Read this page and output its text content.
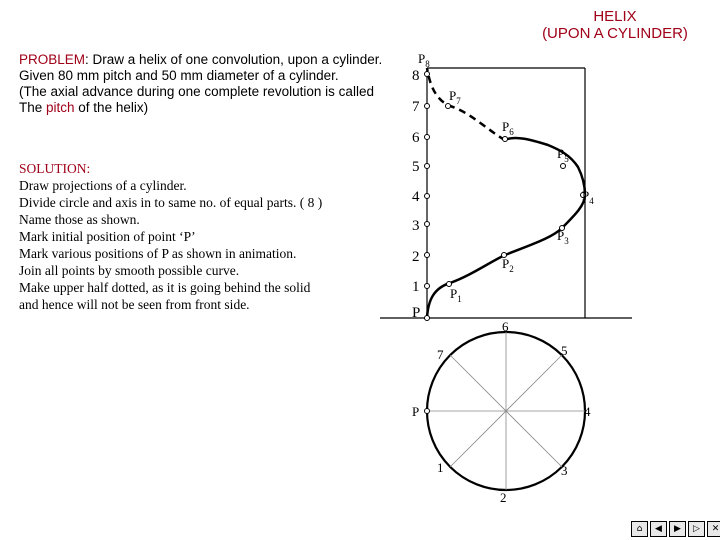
HELIX
(UPON A CYLINDER)
PROBLEM: Draw a helix of one convolution, upon a cylinder.
Given 80 mm pitch and 50 mm diameter of a cylinder.
(The axial advance during one complete revolution is called
The pitch of the helix)
SOLUTION:
Draw projections of a cylinder.
Divide circle and axis in to same no. of equal parts. ( 8 )
Name those as shown.
Mark initial position of point ‘P’
Mark various positions of P as shown in animation.
Join all points by smooth possible curve.
Make upper half dotted, as it is going behind the solid
and hence will not be seen from front side.
P
1
2
3
4
5
6
7
8
$P_1$
$P_2$
$P_3$
$P_4$
$P_5$
$P_6$
$P_7$
$P_8$
P
1
2
3
4
5
6
7
⌂	◀	▶	▷	✕
